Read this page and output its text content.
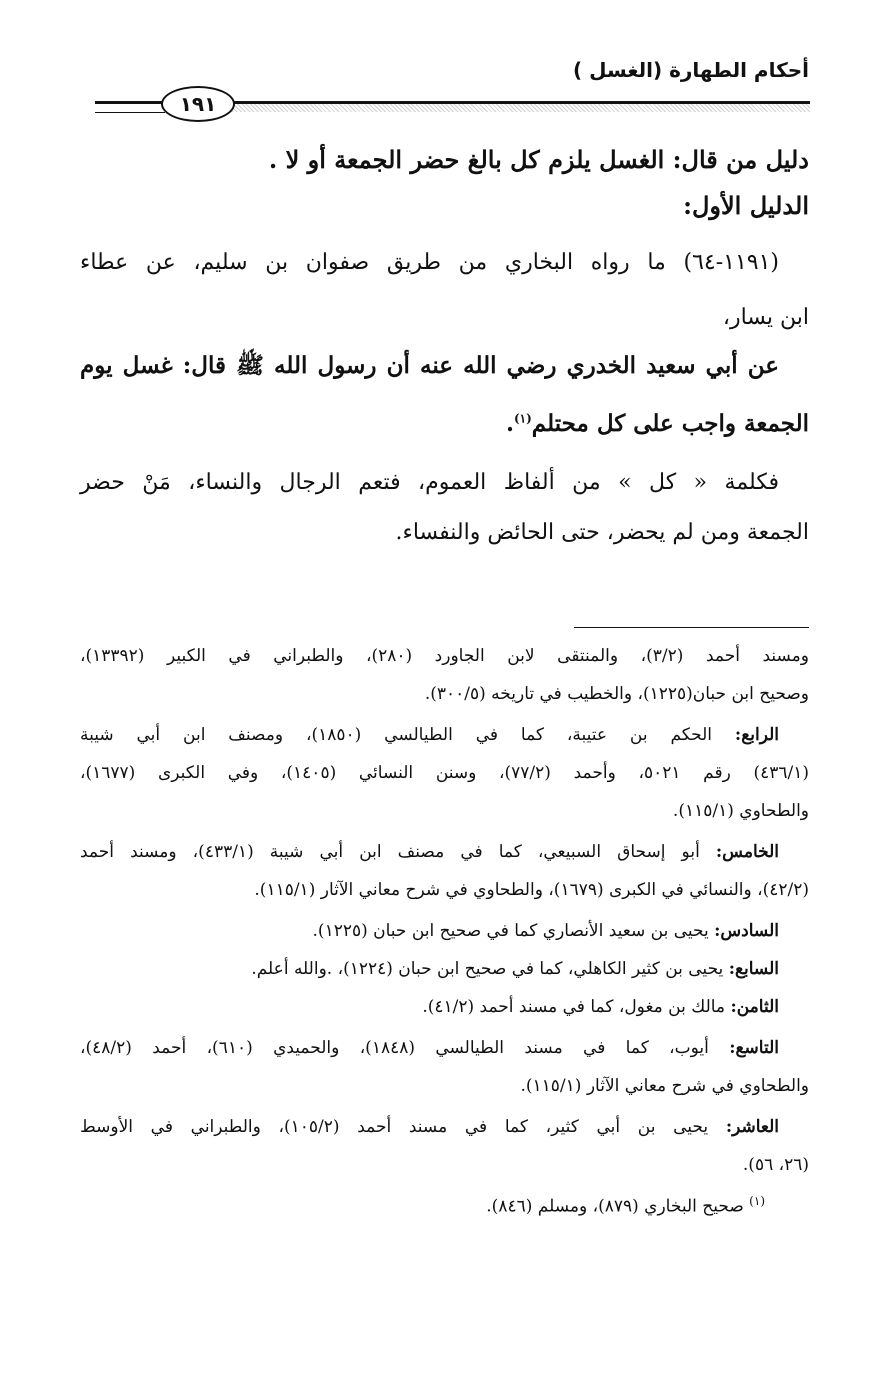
أحكام الطهارة (الغسل )
١٩١
دليل من قال: الغسل يلزم كل بالغ حضر الجمعة أو لا .
الدليل الأول:
(١١٩١-٦٤) ما رواه البخاري من طريق صفوان بن سليم، عن عطاء
ابن يسار،
عن أبي سعيد الخدري رضي الله عنه أن رسول الله ﷺ قال: غسل يوم
الجمعة واجب على كل محتلم$^{(١)}$.
فكلمة « كل » من ألفاظ العموم، فتعم الرجال والنساء، مَنْ حضر
الجمعة ومن لم يحضر، حتى الحائض والنفساء.
ومسند أحمد (٣/٢)، والمنتقى لابن الجاورد (٢٨٠)، والطبراني في الكبير (١٣٣٩٢)،
وصحيح ابن حبان(١٢٢٥)، والخطيب في تاريخه (٣٠٠/٥).
الرابع: الحكم بن عتيبة، كما في الطيالسي (١٨٥٠)، ومصنف ابن أبي شيبة
(٤٣٦/١) رقم ٥٠٢١، وأحمد (٧٧/٢)، وسنن النسائي (١٤٠٥)، وفي الكبرى (١٦٧٧)،
والطحاوي (١١٥/١).
الخامس: أبو إسحاق السبيعي، كما في مصنف ابن أبي شيبة (٤٣٣/١)، ومسند أحمد
(٤٢/٢)، والنسائي في الكبرى (١٦٧٩)، والطحاوي في شرح معاني الآثار (١١٥/١).
السادس: يحيى بن سعيد الأنصاري كما في صحيح ابن حبان (١٢٢٥).
السابع: يحيى بن كثير الكاهلي، كما في صحيح ابن حبان (١٢٢٤)، .والله أعلم.
الثامن: مالك بن مغول، كما في مسند أحمد (٤١/٢).
التاسع: أيوب، كما في مسند الطيالسي (١٨٤٨)، والحميدي (٦١٠)، أحمد (٤٨/٢)،
والطحاوي في شرح معاني الآثار (١١٥/١).
العاشر: يحيى بن أبي كثير، كما في مسند أحمد (١٠٥/٢)، والطبراني في الأوسط
(٢٦، ٥٦).
$^{(١)}$ صحيح البخاري (٨٧٩)، ومسلم (٨٤٦).
